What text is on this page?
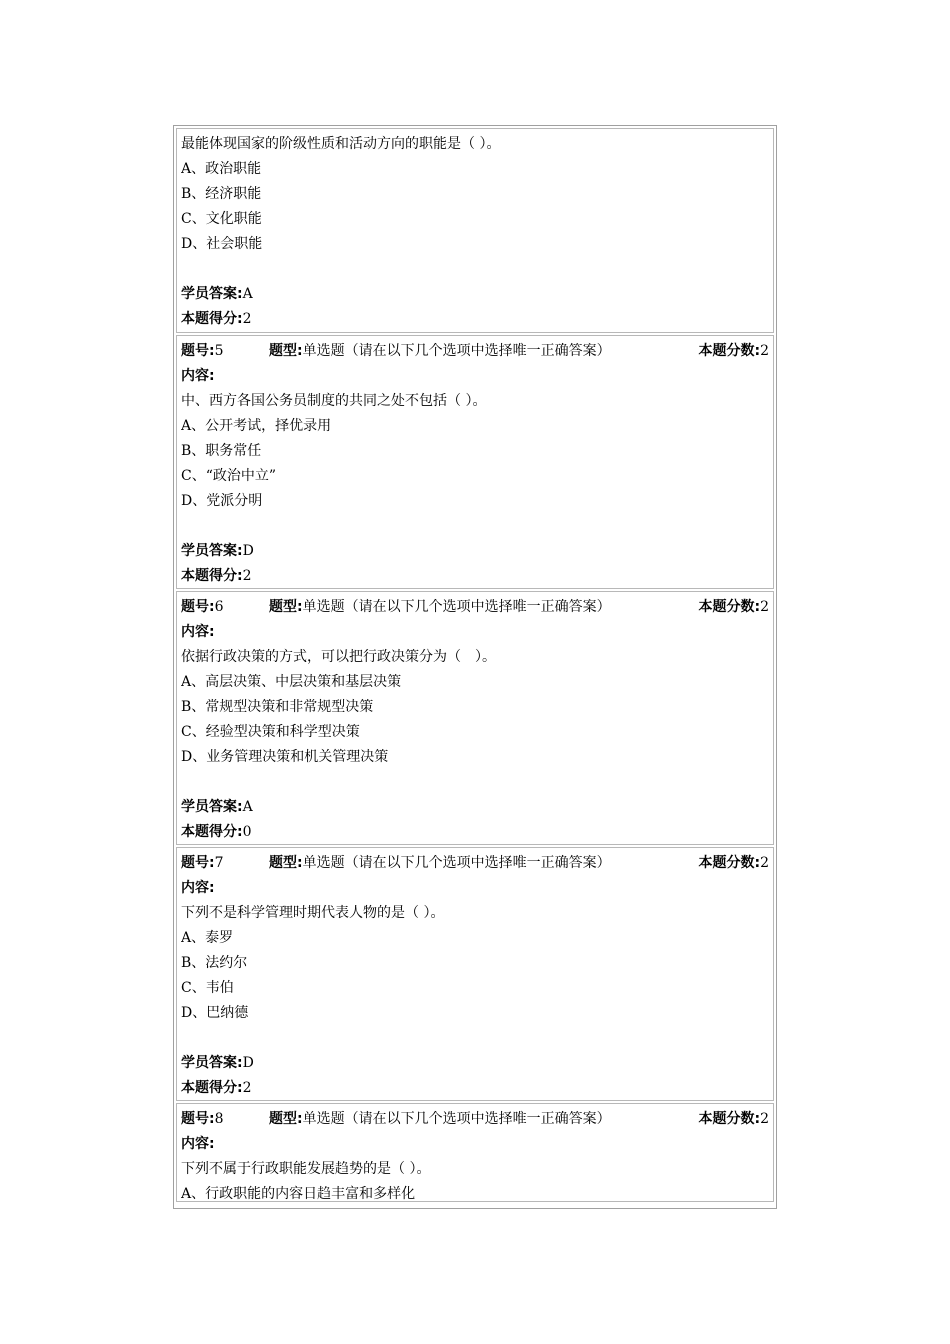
最能体现国家的阶级性质和活动方向的职能是（ ）。
A、政治职能
B、经济职能
C、文化职能
D、社会职能
学员答案:A
本题得分:2
题号:5	题型:单选题（请在以下几个选项中选择唯一正确答案）	本题分数:2
内容:
中、西方各国公务员制度的共同之处不包括（ ）。
A、公开考试，择优录用
B、职务常任
C、“政治中立”
D、党派分明
学员答案:D
本题得分:2
题号:6	题型:单选题（请在以下几个选项中选择唯一正确答案）	本题分数:2
内容:
依据行政决策的方式，可以把行政决策分为（　）。
A、高层决策、中层决策和基层决策
B、常规型决策和非常规型决策
C、经验型决策和科学型决策
D、业务管理决策和机关管理决策
学员答案:A
本题得分:0
题号:7	题型:单选题（请在以下几个选项中选择唯一正确答案）	本题分数:2
内容:
下列不是科学管理时期代表人物的是（ ）。
A、泰罗
B、法约尔
C、韦伯
D、巴纳德
学员答案:D
本题得分:2
题号:8	题型:单选题（请在以下几个选项中选择唯一正确答案）	本题分数:2
内容:
下列不属于行政职能发展趋势的是（ ）。
A、行政职能的内容日趋丰富和多样化
